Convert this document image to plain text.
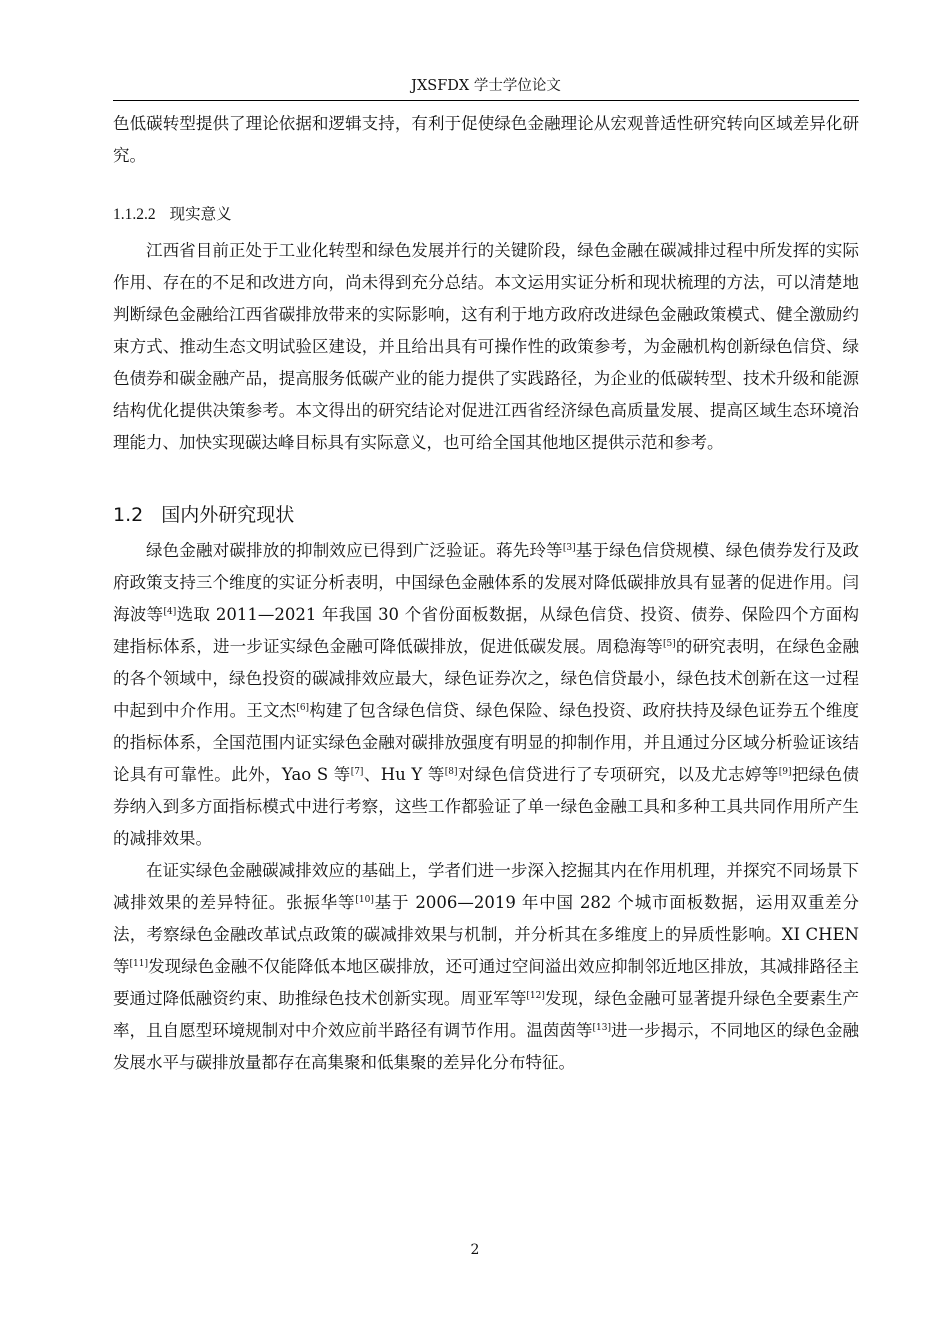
JXSFDX 学士学位论文

色低碳转型提供了理论依据和逻辑支持，有利于促使绿色金融理论从宏观普适性研究转向区域差异化研究。

1.1.2.2 现实意义

江西省目前正处于工业化转型和绿色发展并行的关键阶段，绿色金融在碳减排过程中所发挥的实际作用、存在的不足和改进方向，尚未得到充分总结。本文运用实证分析和现状梳理的方法，可以清楚地判断绿色金融给江西省碳排放带来的实际影响，这有利于地方政府改进绿色金融政策模式、健全激励约束方式、推动生态文明试验区建设，并且给出具有可操作性的政策参考，为金融机构创新绿色信贷、绿色债券和碳金融产品，提高服务低碳产业的能力提供了实践路径，为企业的低碳转型、技术升级和能源结构优化提供决策参考。本文得出的研究结论对促进江西省经济绿色高质量发展、提高区域生态环境治理能力、加快实现碳达峰目标具有实际意义，也可给全国其他地区提供示范和参考。

1.2 国内外研究现状

绿色金融对碳排放的抑制效应已得到广泛验证。蒋先玲等[3]基于绿色信贷规模、绿色债券发行及政府政策支持三个维度的实证分析表明，中国绿色金融体系的发展对降低碳排放具有显著的促进作用。闫海波等[4]选取 2011—2021 年我国 30 个省份面板数据，从绿色信贷、投资、债券、保险四个方面构建指标体系，进一步证实绿色金融可降低碳排放，促进低碳发展。周稳海等[5]的研究表明，在绿色金融的各个领域中，绿色投资的碳减排效应最大，绿色证券次之，绿色信贷最小，绿色技术创新在这一过程中起到中介作用。王文杰[6]构建了包含绿色信贷、绿色保险、绿色投资、政府扶持及绿色证券五个维度的指标体系，全国范围内证实绿色金融对碳排放强度有明显的抑制作用，并且通过分区域分析验证该结论具有可靠性。此外，Yao S 等[7]、Hu Y 等[8]对绿色信贷进行了专项研究，以及尤志婷等[9]把绿色债券纳入到多方面指标模式中进行考察，这些工作都验证了单一绿色金融工具和多种工具共同作用所产生的减排效果。

在证实绿色金融碳减排效应的基础上，学者们进一步深入挖掘其内在作用机理，并探究不同场景下减排效果的差异特征。张振华等[10]基于 2006—2019 年中国 282 个城市面板数据，运用双重差分法，考察绿色金融改革试点政策的碳减排效果与机制，并分析其在多维度上的异质性影响。XI CHEN 等[11]发现绿色金融不仅能降低本地区碳排放，还可通过空间溢出效应抑制邻近地区排放，其减排路径主要通过降低融资约束、助推绿色技术创新实现。周亚军等[12]发现，绿色金融可显著提升绿色全要素生产率，且自愿型环境规制对中介效应前半路径有调节作用。温茵茵等[13]进一步揭示，不同地区的绿色金融发展水平与碳排放量都存在高集聚和低集聚的差异化分布特征。

2
